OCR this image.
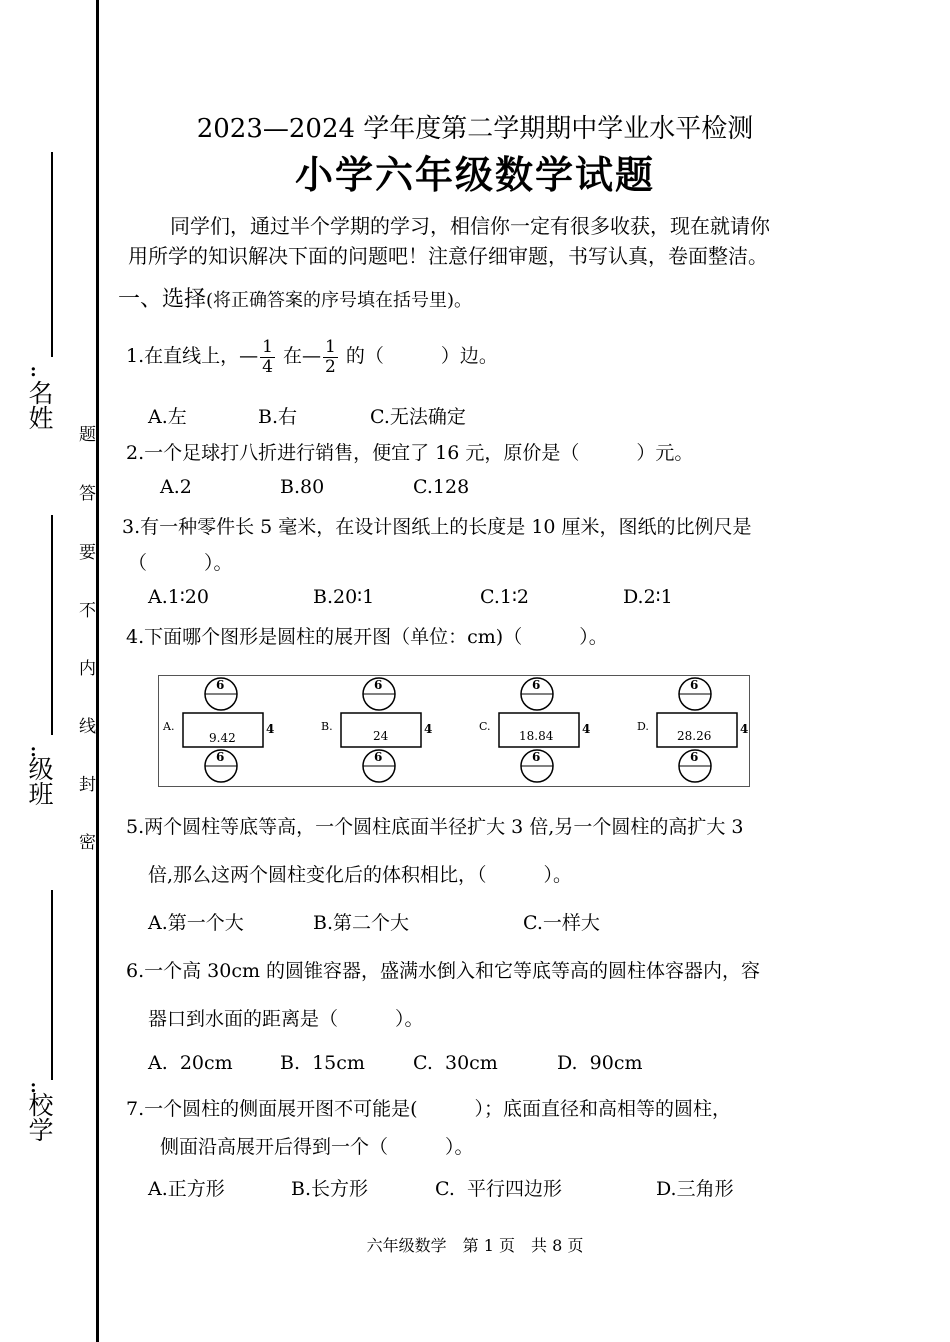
:
名姓
:
级班
:
校学
题
答
要
不
内
线
封
密
2023—2024 学年度第二学期期中学业水平检测
小学六年级数学试题
同学们，通过半个学期的学习，相信你一定有很多收获，现在就请你
用所学的知识解决下面的问题吧！注意仔细审题，书写认真，卷面整洁。
一、选择(将正确答案的序号填在括号里)。
1.在直线上，— $\frac{1}{4}$ 在— $\frac{1}{2}$ 的（　　　）边。
A.左	B.右	C.无法确定
2.一个足球打八折进行销售，便宜了 16 元，原价是（　　　）元。
A.2	B.80	C.128
3.有一种零件长 5 毫米，在设计图纸上的长度是 10 厘米，图纸的比例尺是
（　　　）。
A.1∶20	B.20∶1	C.1∶2	D.2∶1
4.下面哪个图形是圆柱的展开图（单位：cm)（　　　）。
A.
6
9.42
4
6
B.
6
24	4
6
C.
6
18.84 4
6
D.
6
28.26 4
6
5.两个圆柱等底等高，一个圆柱底面半径扩大 3 倍,另一个圆柱的高扩大 3
倍,那么这两个圆柱变化后的体积相比，（　　　）。
A.第一个大	B.第二个大	C.一样大
6.一个高 30cm 的圆锥容器，盛满水倒入和它等底等高的圆柱体容器内，容
器口到水面的距离是（　　　）。
A.  20cm B.  15cm	C.  30cm	D.  90cm
7.一个圆柱的侧面展开图不可能是(　　　）；底面直径和高相等的圆柱，
侧面沿高展开后得到一个（　　　）。
A.正方形	B.长方形	C.  平行四边形	D.三角形
六年级数学　第 1 页　共 8 页
